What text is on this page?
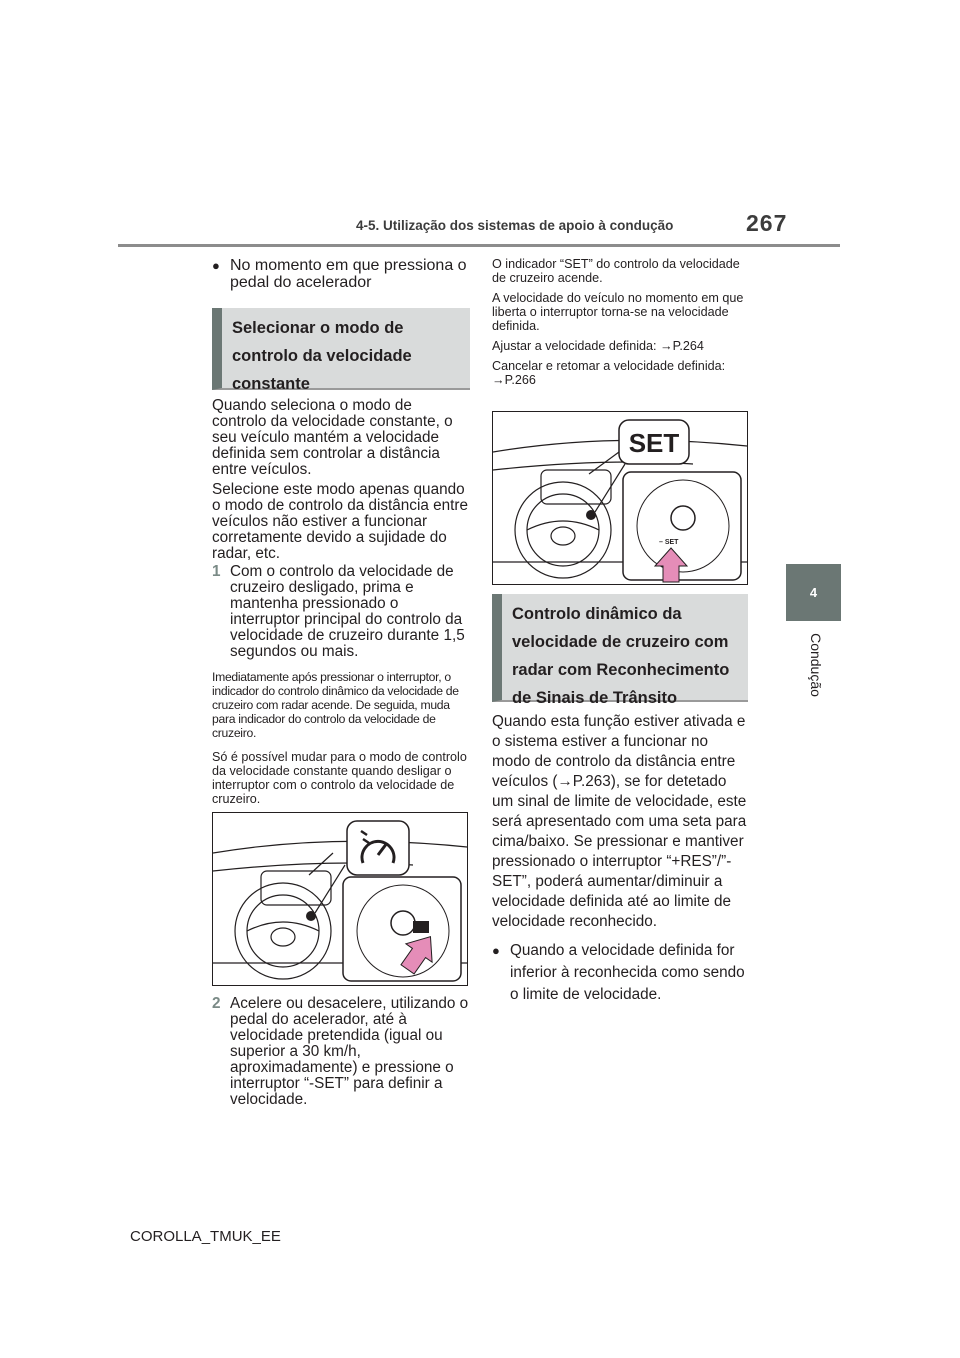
4-5. Utilização dos sistemas de apoio à condução	267
4
Condução
● No momento em que pressiona o pedal do acelerador
Selecionar o modo de controlo da velocidade constante

Quando seleciona o modo de controlo da velocidade constante, o seu veículo mantém a velocidade definida sem controlar a distância entre veículos.

Selecione este modo apenas quando o modo de controlo da distância entre veículos não estiver a funcionar corretamente devido a sujidade do radar, etc.

1 Com o controlo da velocidade de cruzeiro desligado, prima e mantenha pressionado o interruptor principal do controlo da velocidade de cruzeiro durante 1,5 segundos ou mais.

Imediatamente após pressionar o interruptor, o indicador do controlo dinâmico da velocidade de cruzeiro com radar acende. De seguida, muda para indicador do controlo da velocidade de cruzeiro.

Só é possível mudar para o modo de controlo da velocidade constante quando desligar o interruptor com o controlo da velocidade de cruzeiro.

2 Acelere ou desacelere, utilizando o pedal do acelerador, até à velocidade pretendida (igual ou superior a 30 km/h, aproximadamente) e pressione o interruptor “-SET” para definir a velocidade.

O indicador “SET” do controlo da velocidade de cruzeiro acende.

A velocidade do veículo no momento em que liberta o interruptor torna-se na velocidade definida.

Ajustar a velocidade definida: →P.264

Cancelar e retomar a velocidade definida: →P.266

SET
– SET
Controlo dinâmico da velocidade de cruzeiro com radar com Reconhecimento de Sinais de Trânsito

Quando esta função estiver ativada e o sistema estiver a funcionar no modo de controlo da distância entre veículos (→P.263), se for detetado um sinal de limite de velocidade, este será apresentado com uma seta para cima/baixo. Se pressionar e mantiver pressionado o interruptor “+RES”/”-SET”, poderá aumentar/diminuir a velocidade definida até ao limite de velocidade reconhecido.

● Quando a velocidade definida for inferior à reconhecida como sendo o limite de velocidade.
COROLLA_TMUK_EE
